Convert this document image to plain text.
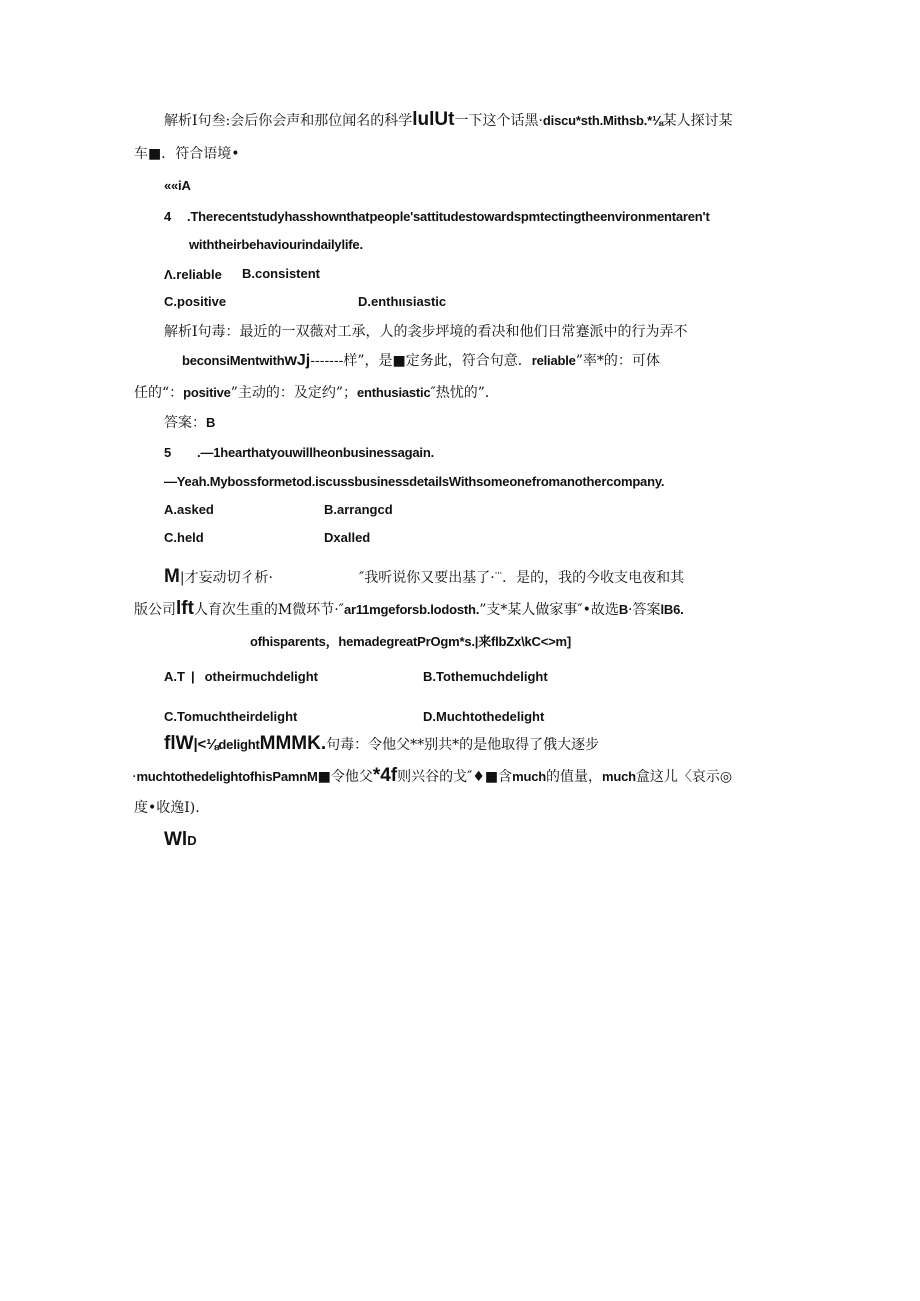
解析I句叁:会后你会声和那位闻名的科学lulUt一下这个话黑·discu*sth.Mithsb.*⅛某人探讨某
车■．符合语境•
««iA
4 .Therecentstudyhasshownthatpeople'sattitudestowardspmtectingtheenvironmentaren't
withtheirbehaviourindailylife.
Λ.reliable B.consistent
C.positive	D.enthιιsiastic
解析I句毒：最近的一双薇对工承，人的衾步坪境的看决和他们日常蹇派中的行为弄不
beconsiMentwithwJj-------样”，是■定务此，符合句意．reliable”率*的：可体
任的“：positive”主动的：及定约”；enthusiastic″热忧的”．
答案：B
5 .—1hearthatyouwillheonbusinessagain.
—Yeah.Mybossformetod.iscussbusinessdetailsWithsomeonefromanothercompany.
A.asked	B.arrangcd
C.held	Dxalled
M|才妄动切彳析·	″我听说你又要出基了·$^{ˈˈˈ}$．是的，我的今收支电夜和其
版公司lft人育次生重的M微环节·″ar11mgeforsb.lodosth.”支*某人做家事″•故选B·答案lB6.
ofhisparents，hemadegreatPrOgm*s.|来flbZx\kC<>m]
A.T | otheirmuchdelight	B.Tothemuchdelight
C.Tomuchtheirdelight	D.Muchtothedelight
flW|<⅛delightMMMK.句毒：令他父**别共*的是他取得了俄大逐步
·muchtothedelightofhisPamnM■令他父*4f则兴谷的戈″♦■含much的值量，much盒这儿〈哀示◎
度•收逸I).
WlD
